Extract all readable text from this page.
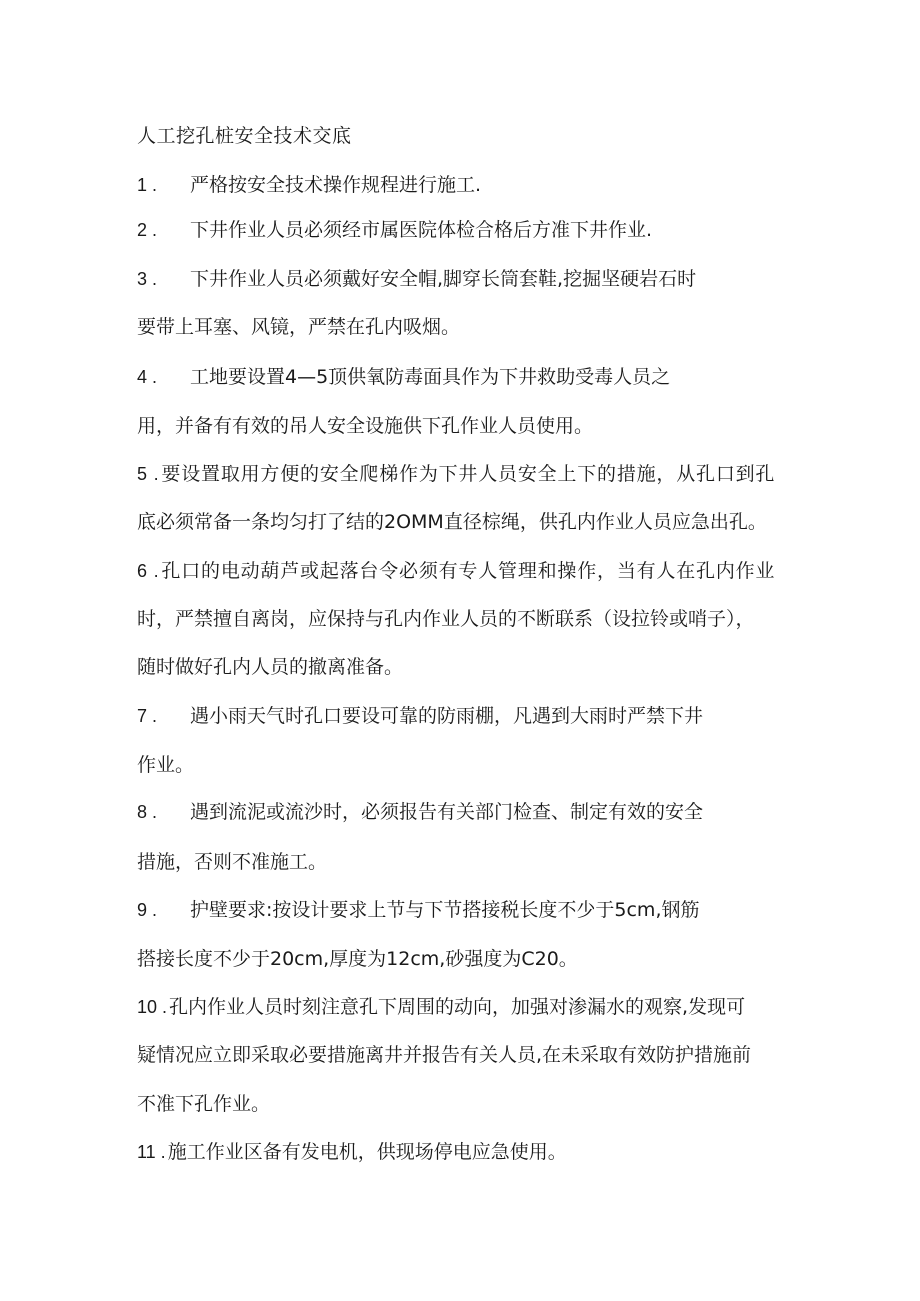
人工挖孔桩安全技术交底
1 . 严格按安全技术操作规程进行施工.
2 . 下井作业人员必须经市属医院体检合格后方准下井作业.
3 . 下井作业人员必须戴好安全帽,脚穿长筒套鞋,挖掘坚硬岩石时
要带上耳塞、风镜，严禁在孔内吸烟。
4 . 工地要设置4—5顶供氧防毒面具作为下井救助受毒人员之
用，并备有有效的吊人安全设施供下孔作业人员使用。
5 . 要设置取用方便的安全爬梯作为下井人员安全上下的措施，从孔口到孔
底必须常备一条均匀打了结的2OMM直径棕绳，供孔内作业人员应急出孔。
6 . 孔口的电动葫芦或起落台令必须有专人管理和操作，当有人在孔内作业
时，严禁擅自离岗，应保持与孔内作业人员的不断联系（设拉铃或哨子），
随时做好孔内人员的撤离准备。
7 . 遇小雨天气时孔口要设可靠的防雨棚，凡遇到大雨时严禁下井
作业。
8 . 遇到流泥或流沙时，必须报告有关部门检查、制定有效的安全
措施，否则不准施工。
9 . 护壁要求:按设计要求上节与下节搭接税长度不少于5cm,钢筋
搭接长度不少于20cm,厚度为12cm,砂强度为C20。
10 . 孔内作业人员时刻注意孔下周围的动向，加强对渗漏水的观察,发现可
疑情况应立即采取必要措施离井并报告有关人员,在未采取有效防护措施前
不准下孔作业。
11 . 施工作业区备有发电机，供现场停电应急使用。
